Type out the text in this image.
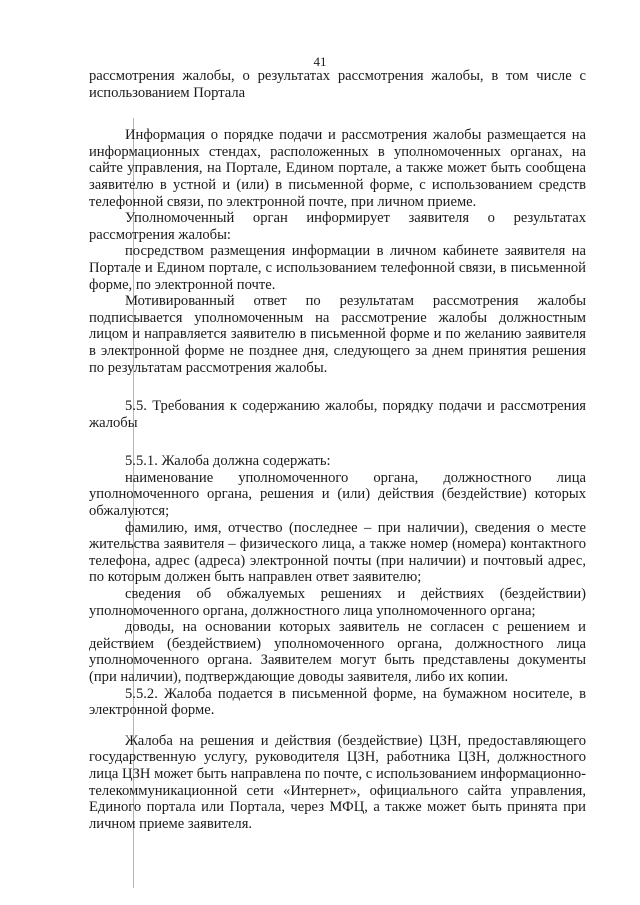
41

рассмотрения жалобы, о результатах рассмотрения жалобы, в том числе с использованием Портала

Информация о порядке подачи и рассмотрения жалобы размещается на информационных стендах, расположенных в уполномоченных органах, на сайте управления, на Портале, Едином портале, а также может быть сообщена заявителю в устной и (или) в письменной форме, с использованием средств телефонной связи, по электронной почте, при личном приеме.

Уполномоченный орган информирует заявителя о результатах рассмотрения жалобы:

посредством размещения информации в личном кабинете заявителя на Портале и Едином портале, с использованием телефонной связи, в письменной форме, по электронной почте.

Мотивированный ответ по результатам рассмотрения жалобы подписывается уполномоченным на рассмотрение жалобы должностным лицом и направляется заявителю в письменной форме и по желанию заявителя в электронной форме не позднее дня, следующего за днем принятия решения по результатам рассмотрения жалобы.

5.5. Требования к содержанию жалобы, порядку подачи и рассмотрения жалобы

5.5.1. Жалоба должна содержать:

наименование уполномоченного органа, должностного лица уполномоченного органа, решения и (или) действия (бездействие) которых обжалуются;

фамилию, имя, отчество (последнее – при наличии), сведения о месте жительства заявителя – физического лица, а также номер (номера) контактного телефона, адрес (адреса) электронной почты (при наличии) и почтовый адрес, по которым должен быть направлен ответ заявителю;

сведения об обжалуемых решениях и действиях (бездействии) уполномоченного органа, должностного лица уполномоченного органа;

доводы, на основании которых заявитель не согласен с решением и действием (бездействием) уполномоченного органа, должностного лица уполномоченного органа. Заявителем могут быть представлены документы (при наличии), подтверждающие доводы заявителя, либо их копии.

5.5.2. Жалоба подается в письменной форме, на бумажном носителе, в электронной форме.

Жалоба на решения и действия (бездействие) ЦЗН, предоставляющего государственную услугу, руководителя ЦЗН, работника ЦЗН, должностного лица ЦЗН может быть направлена по почте, с использованием информационно-телекоммуникационной сети «Интернет», официального сайта управления, Единого портала или Портала, через МФЦ, а также может быть принята при личном приеме заявителя.
